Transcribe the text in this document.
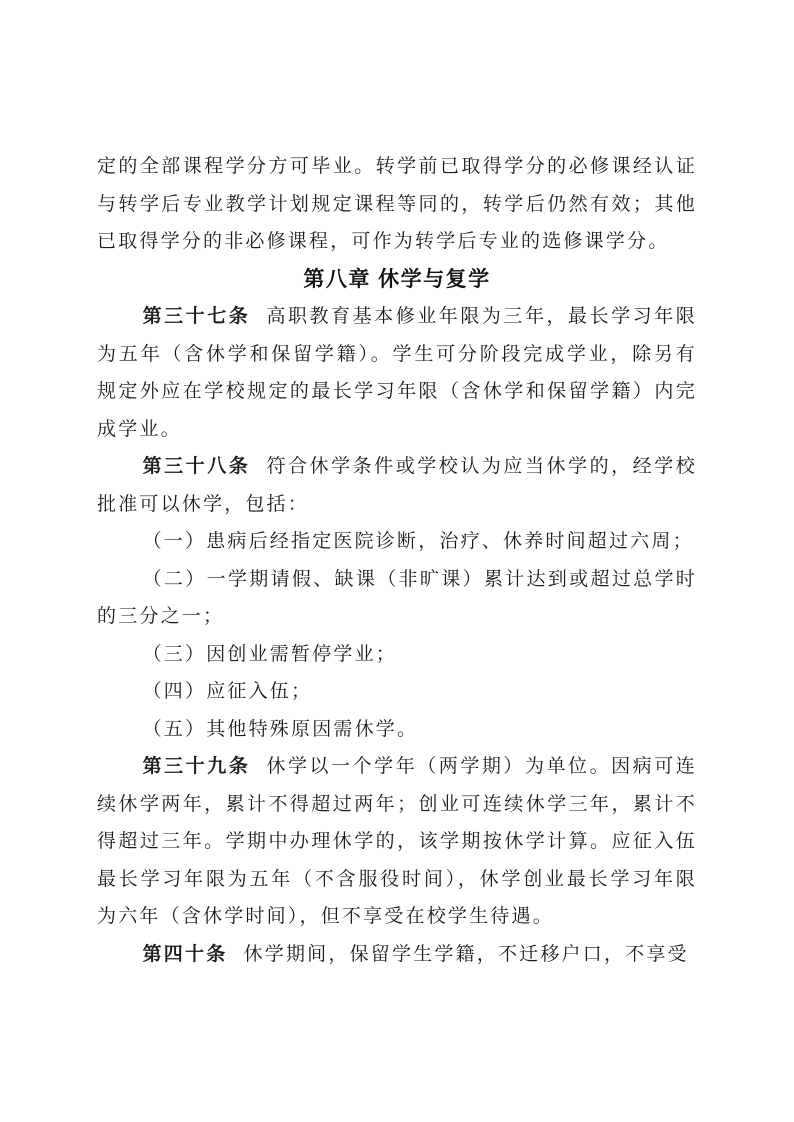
定的全部课程学分方可毕业。转学前已取得学分的必修课经认证与转学后专业教学计划规定课程等同的，转学后仍然有效；其他已取得学分的非必修课程，可作为转学后专业的选修课学分。

第八章 休学与复学

第三十七条 高职教育基本修业年限为三年，最长学习年限为五年（含休学和保留学籍）。学生可分阶段完成学业，除另有规定外应在学校规定的最长学习年限（含休学和保留学籍）内完成学业。

第三十八条 符合休学条件或学校认为应当休学的，经学校批准可以休学，包括：

（一）患病后经指定医院诊断，治疗、休养时间超过六周；

（二）一学期请假、缺课（非旷课）累计达到或超过总学时的三分之一；

（三）因创业需暂停学业；

（四）应征入伍；

（五）其他特殊原因需休学。

第三十九条 休学以一个学年（两学期）为单位。因病可连续休学两年，累计不得超过两年；创业可连续休学三年，累计不得超过三年。学期中办理休学的，该学期按休学计算。应征入伍最长学习年限为五年（不含服役时间），休学创业最长学习年限为六年（含休学时间），但不享受在校学生待遇。

第四十条 休学期间，保留学生学籍，不迁移户口，不享受
